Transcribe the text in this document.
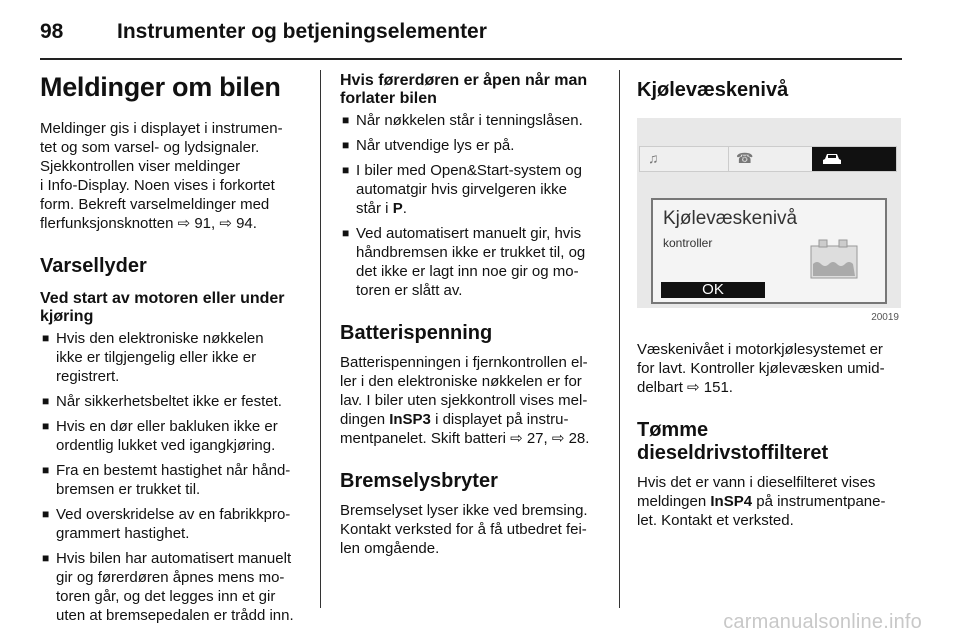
98	Instrumenter og betjeningselementer
Meldinger om bilen

Meldinger gis i displayet i instrumen-
tet og som varsel- og lydsignaler.
Sjekkontrollen viser meldinger
i Info-Display. Noen vises i forkortet
form. Bekreft varselmeldinger med
flerfunksjonsknotten ⇨ 91, ⇨ 94.

Varsellyder
Ved start av motoren eller under
kjøring
■ Hvis den elektroniske nøkkelen
ikke er tilgjengelig eller ikke er
registrert.
■ Når sikkerhetsbeltet ikke er festet.
■ Hvis en dør eller bakluken ikke er
ordentlig lukket ved igangkjøring.
■ Fra en bestemt hastighet når hånd-
bremsen er trukket til.
■ Ved overskridelse av en fabrikkpro-
grammert hastighet.
■ Hvis bilen har automatisert manuelt
gir og førerdøren åpnes mens mo-
toren går, og det legges inn et gir
uten at bremsepedalen er trådd inn.
Hvis førerdøren er åpen når man
forlater bilen
■ Når nøkkelen står i tenningslåsen.
■ Når utvendige lys er på.
■ I biler med Open&Start-system og
automatgir hvis girvelgeren ikke
står i P.
■ Ved automatisert manuelt gir, hvis
håndbremsen ikke er trukket til, og
det ikke er lagt inn noe gir og mo-
toren er slått av.
Batterispenning

Batterispenningen i fjernkontrollen el-
ler i den elektroniske nøkkelen er for
lav. I biler uten sjekkontroll vises mel-
dingen InSP3 i displayet på instru-
mentpanelet. Skift batteri ⇨ 27, ⇨ 28.

Bremselysbryter

Bremselyset lyser ikke ved bremsing.
Kontakt verksted for å få utbedret fei-
len omgående.

Kjølevæskenivå
♫	☎
Kjølevæskenivå
kontroller
OK
20019

Væskenivået i motorkjølesystemet er
for lavt. Kontroller kjølevæsken umid-
delbart ⇨ 151.

Tømme dieseldrivstoffilteret

Hvis det er vann i dieselfilteret vises
meldingen InSP4 på instrumentpane-
let. Kontakt et verksted.

carmanualsonline.info
